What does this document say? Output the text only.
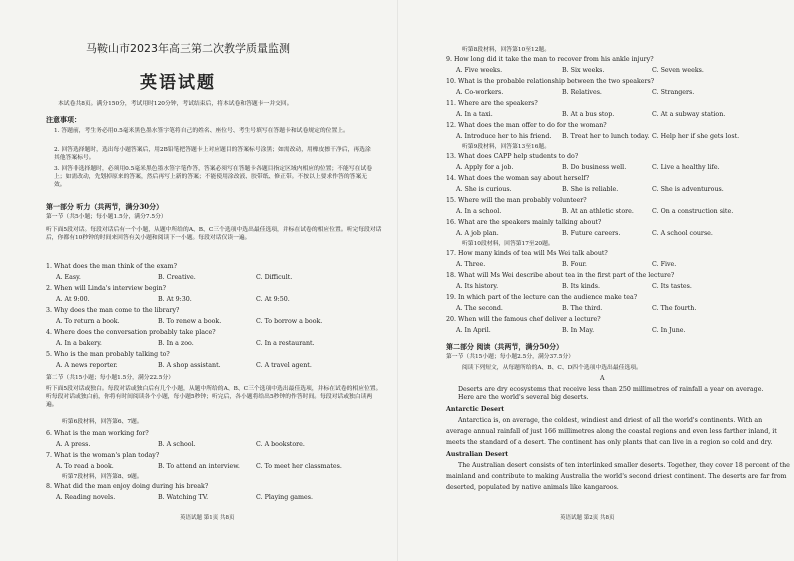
马鞍山市2023年高三第二次教学质量监测
英语试题
本试卷共8页。满分150分，考试用时120分钟，考试结束后，将本试卷和答题卡一并交回。
注意事项：
1. 答题前，考生务必用0.5毫米黑色墨水签字笔将自己的姓名、座位号、考生号填写在答题卡和试卷规定的位置上。
2. 回答选择题时，选出每小题答案后，用2B铅笔把答题卡上对应题目的答案标号涂黑；如需改动，用橡皮擦干净后，再选涂其他答案标号。
3. 回答非选择题时，必须用0.5毫米黑色墨水签字笔作答，答案必须写在答题卡各题目指定区域内相应的位置；不能写在试卷上；如需改动，先划掉原来的答案，然后再写上新的答案；不能使用涂改液、胶带纸、修正带。不按以上要求作答的答案无效。
第一部分 听力（共两节，满分30分）
第一节（共5小题；每小题1.5分，满分7.5分）
听下面5段对话。每段对话后有一个小题，从题中所给的A、B、C三个选项中选出最佳选项，并标在试卷的相应位置。听完每段对话后，你都有10秒钟的时间来回答有关小题和阅读下一小题。每段对话仅读一遍。
1. What does the man think of the exam?
A. Easy.	B. Creative.	C. Difficult.
2. When will Linda's interview begin?
A. At 9:00.	B. At 9:30.	C. At 9:50.
3. Why does the man come to the library?
A. To return a book.	B. To renew a book.	C. To borrow a book.
4. Where does the conversation probably take place?
A. In a bakery.	B. In a zoo.	C. In a restaurant.
5. Who is the man probably talking to?
A. A news reporter.	B. A shop assistant.	C. A travel agent.
第二节（共15小题；每小题1.5分，满分22.5分）
听下面5段对话或独白。每段对话或独白后有几个小题，从题中所给的A、B、C三个选项中选出最佳选项，并标在试卷的相应位置。听每段对话或独白前，你将有时间阅读各个小题，每小题5秒钟；听完后，各小题将给出5秒钟的作答时间。每段对话或独白读两遍。
听第6段材料，回答第6、7题。
6. What is the man working for?
A. A press.	B. A school.	C. A bookstore.
7. What is the woman's plan today?
A. To read a book.	B. To attend an interview.	C. To meet her classmates.
听第7段材料，回答第8、9题。
8. What did the man enjoy doing during his break?
A. Reading novels.	B. Watching TV.	C. Playing games.
英语试题 第1页 共8页
听第8段材料，回答第10至12题。
9. How long did it take the man to recover from his ankle injury?
A. Five weeks.	B. Six weeks.	C. Seven weeks.
10. What is the probable relationship between the two speakers?
A. Co-workers.	B. Relatives.	C. Strangers.
11. Where are the speakers?
A. In a taxi.	B. At a bus stop.	C. At a subway station.
12. What does the man offer to do for the woman?
A. Introduce her to his friend. B. Treat her to lunch today. C. Help her if she gets lost.
听第9段材料，回答第13至16题。
13. What does CAPP help students to do?
A. Apply for a job.	B. Do business well.	C. Live a healthy life.
14. What does the woman say about herself?
A. She is curious.	B. She is reliable.	C. She is adventurous.
15. Where will the man probably volunteer?
A. In a school.	B. At an athletic store.	C. On a construction site.
16. What are the speakers mainly talking about?
A. A job plan.	B. Future careers.	C. A school course.
听第10段材料，回答第17至20题。
17. How many kinds of tea will Ms Wei talk about?
A. Three.	B. Four.	C. Five.
18. What will Ms Wei describe about tea in the first part of the lecture?
A. Its history.	B. Its kinds.	C. Its tastes.
19. In which part of the lecture can the audience make tea?
A. The second.	B. The third.	C. The fourth.
20. When will the famous chef deliver a lecture?
A. In April.	B. In May.	C. In June.
第二部分 阅读（共两节，满分50分）
第一节（共15小题；每小题2.5分，满分37.5分）
阅读下列短文，从每题所给的A、B、C、D四个选项中选出最佳选项。
A
Deserts are dry ecosystems that receive less than 250 millimetres of rainfall a year on average. Here are the world's several big deserts.
Antarctic Desert
Antarctica is, on average, the coldest, windiest and driest of all the world's continents. With an
average annual rainfall of just 166 millimetres along the coastal regions and even less farther inland, it
meets the standard of a desert. The continent has only plants that can live in a region so cold and dry.
Australian Desert
The Australian desert consists of ten interlinked smaller deserts. Together, they cover 18 percent of the
mainland and contribute to making Australia the world's second driest continent. The deserts are far from
deserted, populated by native animals like kangaroos.
英语试题 第2页 共8页
